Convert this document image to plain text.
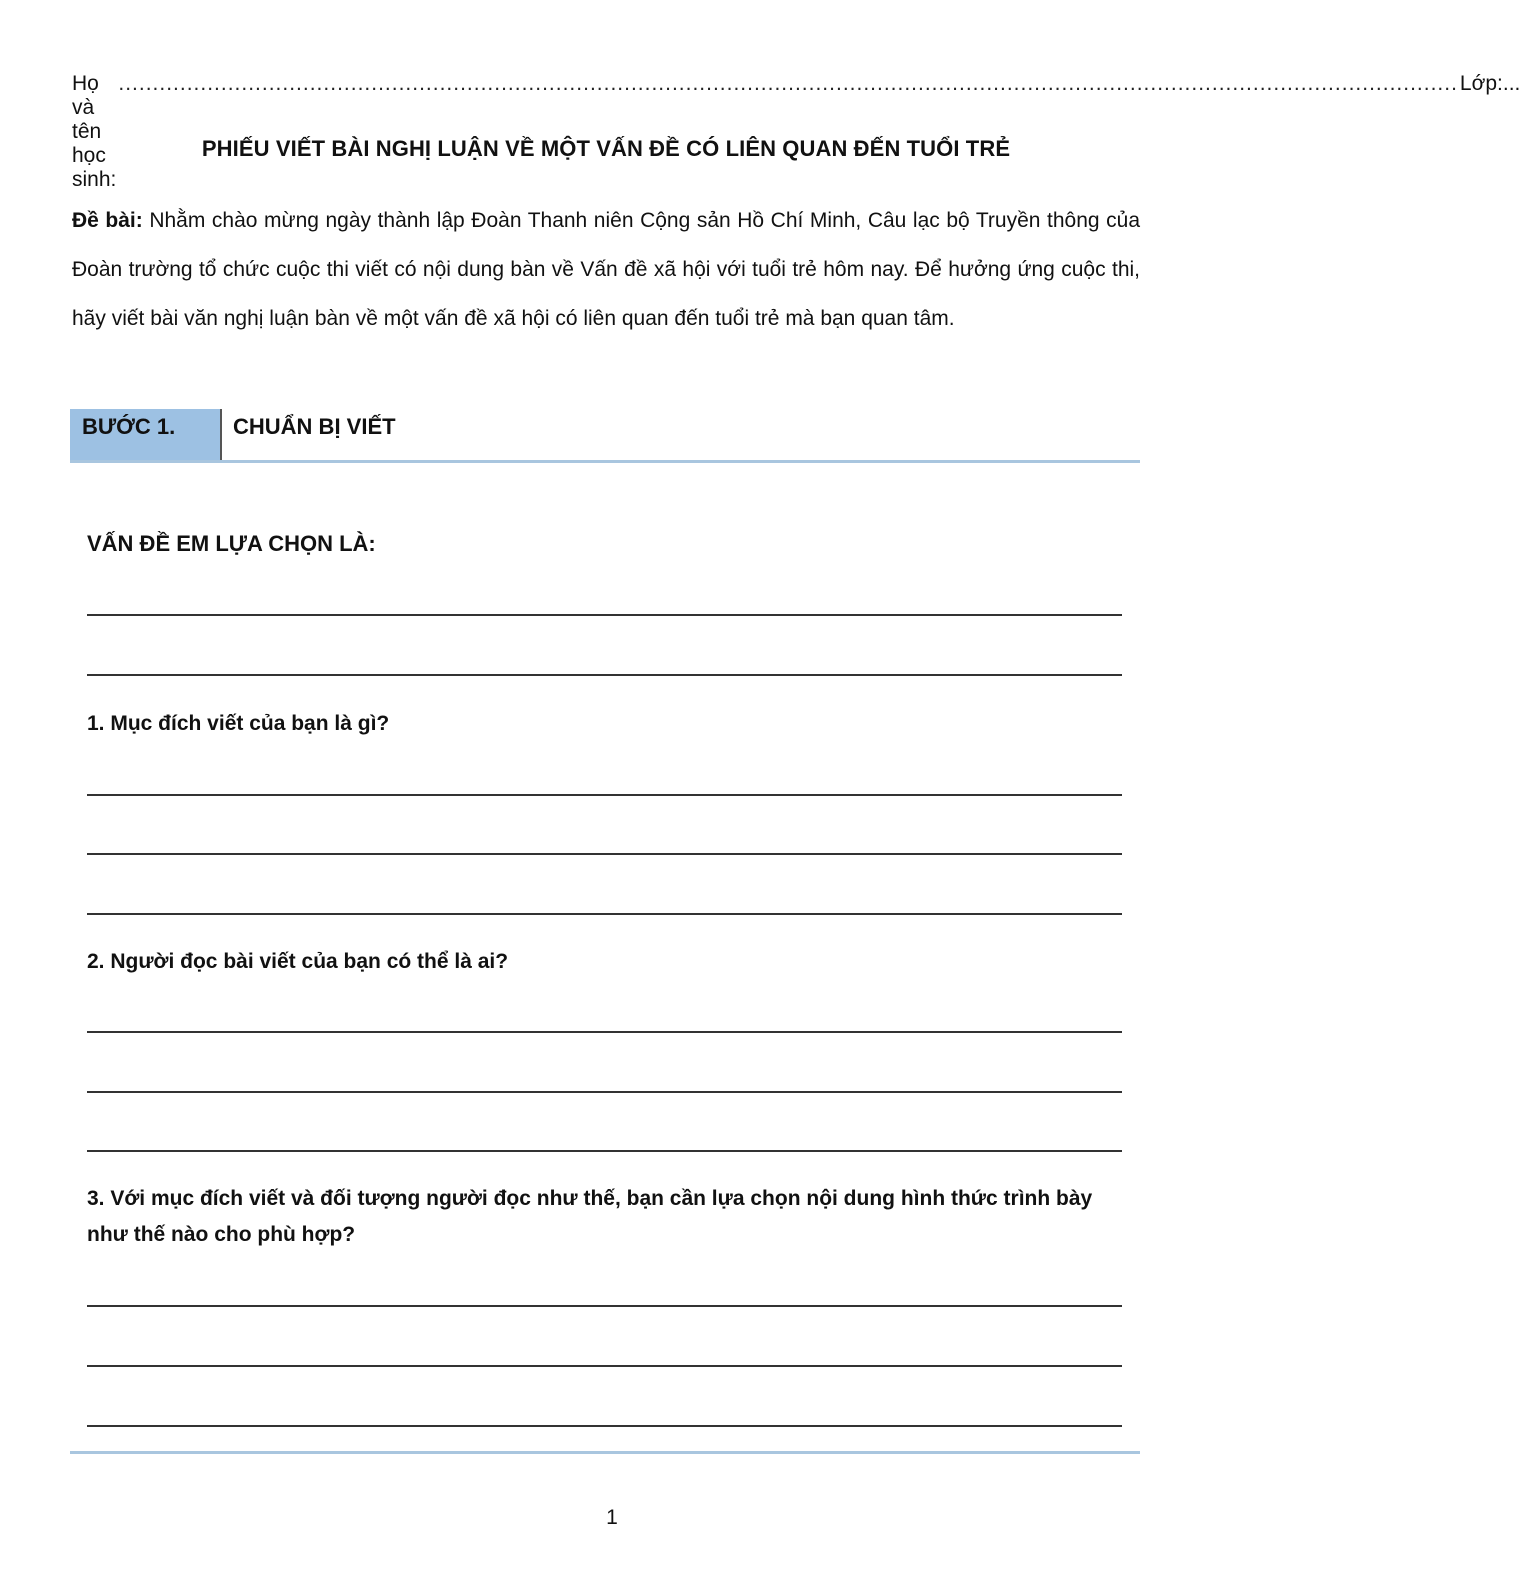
Họ và tên học sinh:
.................................................................................................................................................................................................... Lớp:...
PHIẾU VIẾT BÀI NGHỊ LUẬN VỀ MỘT VẤN ĐỀ CÓ LIÊN QUAN ĐẾN TUỔI TRẺ

Đề bài: Nhằm chào mừng ngày thành lập Đoàn Thanh niên Cộng sản Hồ Chí Minh, Câu lạc bộ Truyền thông của Đoàn trường tổ chức cuộc thi viết có nội dung bàn về Vấn đề xã hội với tuổi trẻ hôm nay. Để hưởng ứng cuộc thi, hãy viết bài văn nghị luận bàn về một vấn đề xã hội có liên quan đến tuổi trẻ mà bạn quan tâm.

BƯỚC 1.	CHUẨN BỊ VIẾT
VẤN ĐỀ EM LỰA CHỌN LÀ:
1. Mục đích viết của bạn là gì?
2. Người đọc bài viết của bạn có thể là ai?
3. Với mục đích viết và đối tượng người đọc như thế, bạn cần lựa chọn nội dung hình thức trình bày như thế nào cho phù hợp?
1
